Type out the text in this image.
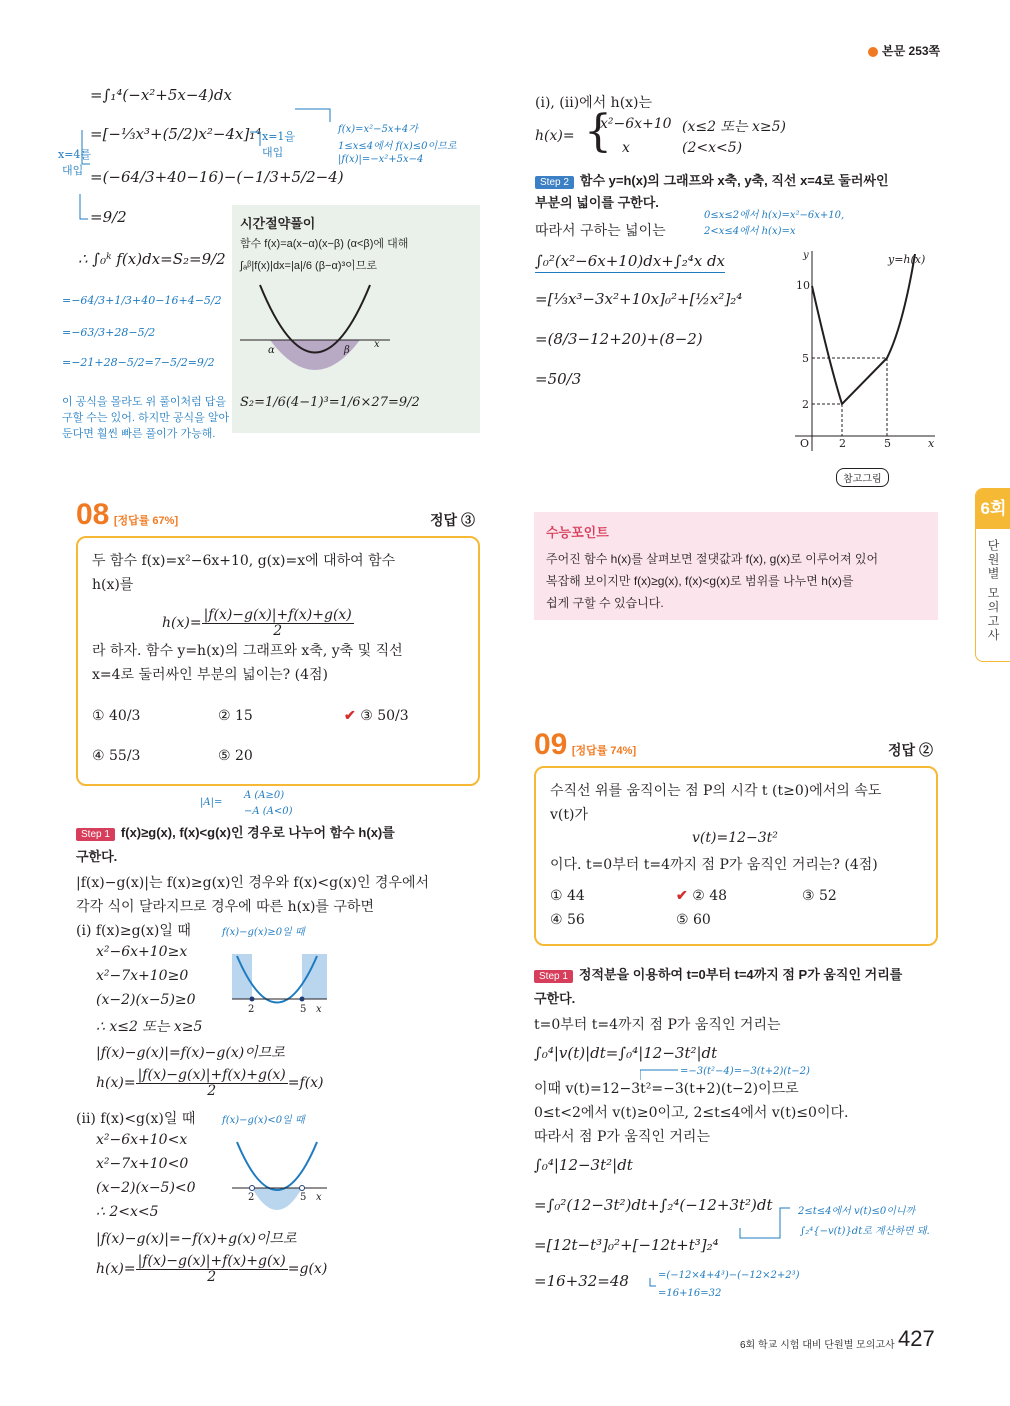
본문 253쪽
=∫₁⁴(−x²+5x−4)dx
=[−⅓x³+(5/2)x²−4x]₁⁴ x=1을
대입
x=4를
대입
f(x)=x²−5x+4가
1≤x≤4에서 f(x)≤0이므로
|f(x)|=−x²+5x−4
=(−64/3+40−16)−(−1/3+5/2−4)
=9/2
∴ ∫₀ᵏ f(x)dx=S₂=9/2
=−64/3+1/3+40−16+4−5/2
=−63/3+28−5/2
=−21+28−5/2=7−5/2=9/2
이 공식을 몰라도 위 풀이처럼 답을
구할 수는 있어. 하지만 공식을 알아
둔다면 훨씬 빠른 풀이가 가능해.
시간절약풀이
함수 f(x)=a(x−α)(x−β) (α<β)에 대해
∫ₐᵝ|f(x)|dx=|a|/6 (β−α)³이므로
α	β
x
S₂=1/6(4−1)³=1/6×27=9/2
(i), (ii)에서 h(x)는
h(x)= {
x²−6x+10 (x≤2 또는 x≥5)
x	(2<x<5)
Step 2 함수 y=h(x)의 그래프와 x축, y축, 직선 x=4로 둘러싸인
부분의 넓이를 구한다.
따라서 구하는 넓이는
0≤x≤2에서 h(x)=x²−6x+10,
2<x≤4에서 h(x)=x
∫₀²(x²−6x+10)dx+∫₂⁴x dx
=[⅓x³−3x²+10x]₀²+[½x²]₂⁴
=(8/3−12+20)+(8−2)
=50/3
y	y=h(x)
10
5
2
O	2	5	x
참고그림
6회
단원별 모의고사
08 [정답률 67%]	정답 ③
두 함수 f(x)=x²−6x+10, g(x)=x에 대하여 함수
h(x)를
$h(x)= \frac{|f(x)-g(x)|+f(x)+g(x)}{2}$
라 하자. 함수 y=h(x)의 그래프와 x축, y축 및 직선
x=4로 둘러싸인 부분의 넓이는? (4점)
① 40/3	② 15	✔ ③ 50/3
④ 55/3	⑤ 20
|A|=
A (A≥0)
−A (A<0)
Step 1 f(x)≥g(x), f(x)<g(x)인 경우로 나누어 함수 h(x)를
구한다.
|f(x)−g(x)|는 f(x)≥g(x)인 경우와 f(x)<g(x)인 경우에서
각각 식이 달라지므로 경우에 따른 h(x)를 구하면
(i) f(x)≥g(x)일 때	f(x)−g(x)≥0일 때
x²−6x+10≥x
x²−7x+10≥0
(x−2)(x−5)≥0
∴ x≤2 또는 x≥5
|f(x)−g(x)|=f(x)−g(x)이므로
2	5 x
$h(x)= \frac{|f(x)-g(x)|+f(x)+g(x)}{2} =f(x)$
(ii) f(x)<g(x)일 때	f(x)−g(x)<0일 때
x²−6x+10<x
x²−7x+10<0
(x−2)(x−5)<0
∴ 2<x<5
|f(x)−g(x)|=−f(x)+g(x)이므로
2	5 x
$h(x)= \frac{|f(x)-g(x)|+f(x)+g(x)}{2} =g(x)$
수능포인트
주어진 함수 h(x)를 살펴보면 절댓값과 f(x), g(x)로 이루어져 있어
복잡해 보이지만 f(x)≥g(x), f(x)<g(x)로 범위를 나누면 h(x)를
쉽게 구할 수 있습니다.
09 [정답률 74%]	정답 ②
수직선 위를 움직이는 점 P의 시각 t (t≥0)에서의 속도
v(t)가
v(t)=12−3t²
이다. t=0부터 t=4까지 점 P가 움직인 거리는? (4점)
① 44	✔ ② 48	③ 52
④ 56	⑤ 60
Step 1 정적분을 이용하여 t=0부터 t=4까지 점 P가 움직인 거리를
구한다.
t=0부터 t=4까지 점 P가 움직인 거리는
∫₀⁴|v(t)|dt=∫₀⁴|12−3t²|dt
=−3(t²−4)=−3(t+2)(t−2)
이때 v(t)=12−3t²=−3(t+2)(t−2)이므로
0≤t<2에서 v(t)≥0이고, 2≤t≤4에서 v(t)≤0이다.
따라서 점 P가 움직인 거리는
∫₀⁴|12−3t²|dt
=∫₀²(12−3t²)dt+∫₂⁴(−12+3t²)dt	2≤t≤4에서 v(t)≤0이니까
∫₂⁴{−v(t)}dt로 계산하면 돼.
=[12t−t³]₀²+[−12t+t³]₂⁴
=16+32=48	=(−12×4+4³)−(−12×2+2³)
=16+16=32
6회 학교 시험 대비 단원별 모의고사 427
